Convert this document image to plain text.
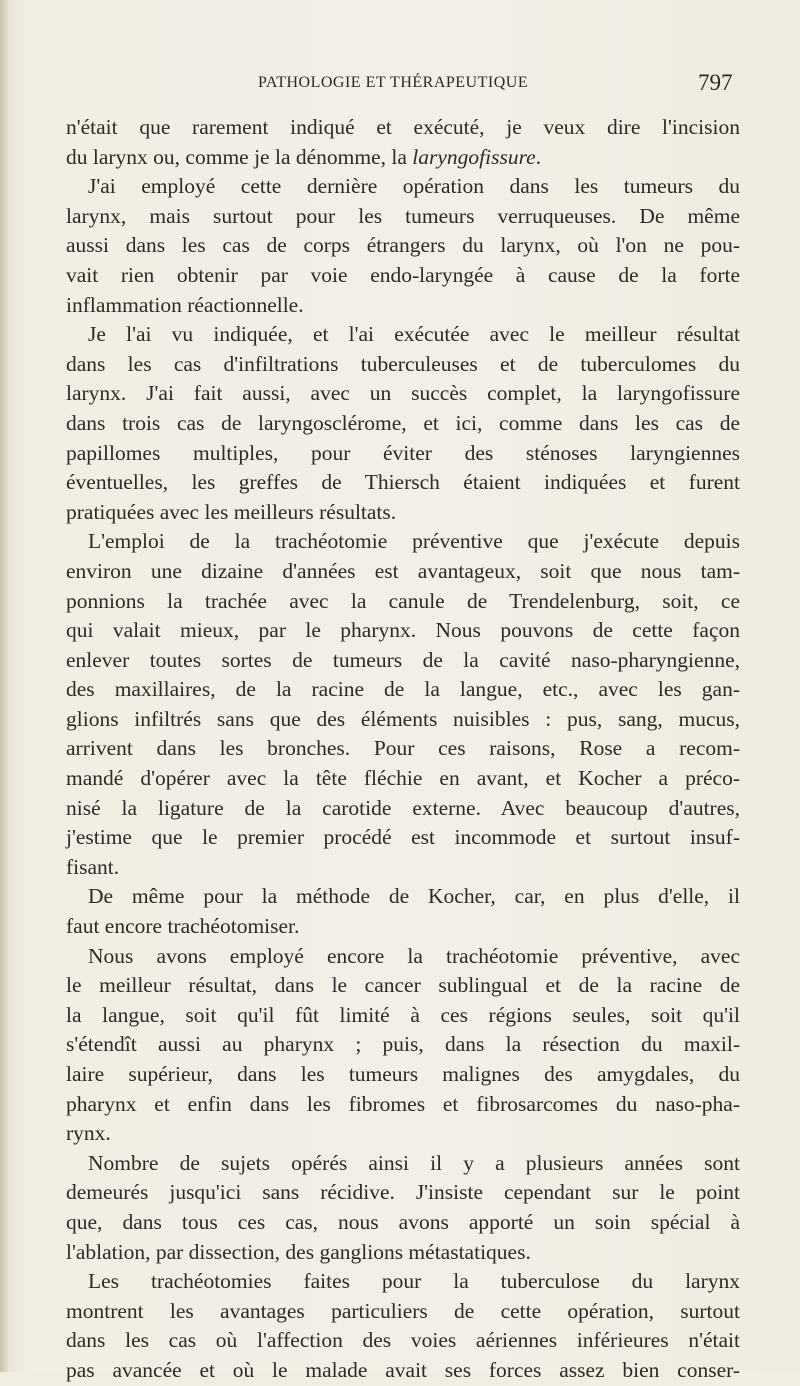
PATHOLOGIE ET THÉRAPEUTIQUE	797
n'était que rarement indiqué et exécuté, je veux dire l'incision
du larynx ou, comme je la dénomme, la laryngofissure.
J'ai employé cette dernière opération dans les tumeurs du
larynx, mais surtout pour les tumeurs verruqueuses. De même
aussi dans les cas de corps étrangers du larynx, où l'on ne pou-
vait rien obtenir par voie endo-laryngée à cause de la forte
inflammation réactionnelle.
Je l'ai vu indiquée, et l'ai exécutée avec le meilleur résultat
dans les cas d'infiltrations tuberculeuses et de tuberculomes du
larynx. J'ai fait aussi, avec un succès complet, la laryngofissure
dans trois cas de laryngosclérome, et ici, comme dans les cas de
papillomes multiples, pour éviter des sténoses laryngiennes
éventuelles, les greffes de Thiersch étaient indiquées et furent
pratiquées avec les meilleurs résultats.
L'emploi de la trachéotomie préventive que j'exécute depuis
environ une dizaine d'années est avantageux, soit que nous tam-
ponnions la trachée avec la canule de Trendelenburg, soit, ce
qui valait mieux, par le pharynx. Nous pouvons de cette façon
enlever toutes sortes de tumeurs de la cavité naso-pharyngienne,
des maxillaires, de la racine de la langue, etc., avec les gan-
glions infiltrés sans que des éléments nuisibles : pus, sang, mucus,
arrivent dans les bronches. Pour ces raisons, Rose a recom-
mandé d'opérer avec la tête fléchie en avant, et Kocher a préco-
nisé la ligature de la carotide externe. Avec beaucoup d'autres,
j'estime que le premier procédé est incommode et surtout insuf-
fisant.
De même pour la méthode de Kocher, car, en plus d'elle, il
faut encore trachéotomiser.
Nous avons employé encore la trachéotomie préventive, avec
le meilleur résultat, dans le cancer sublingual et de la racine de
la langue, soit qu'il fût limité à ces régions seules, soit qu'il
s'étendît aussi au pharynx ; puis, dans la résection du maxil-
laire supérieur, dans les tumeurs malignes des amygdales, du
pharynx et enfin dans les fibromes et fibrosarcomes du naso-pha-
rynx.
Nombre de sujets opérés ainsi il y a plusieurs années sont
demeurés jusqu'ici sans récidive. J'insiste cependant sur le point
que, dans tous ces cas, nous avons apporté un soin spécial à
l'ablation, par dissection, des ganglions métastatiques.
Les trachéotomies faites pour la tuberculose du larynx
montrent les avantages particuliers de cette opération, surtout
dans les cas où l'affection des voies aériennes inférieures n'était
pas avancée et où le malade avait ses forces assez bien conser-
